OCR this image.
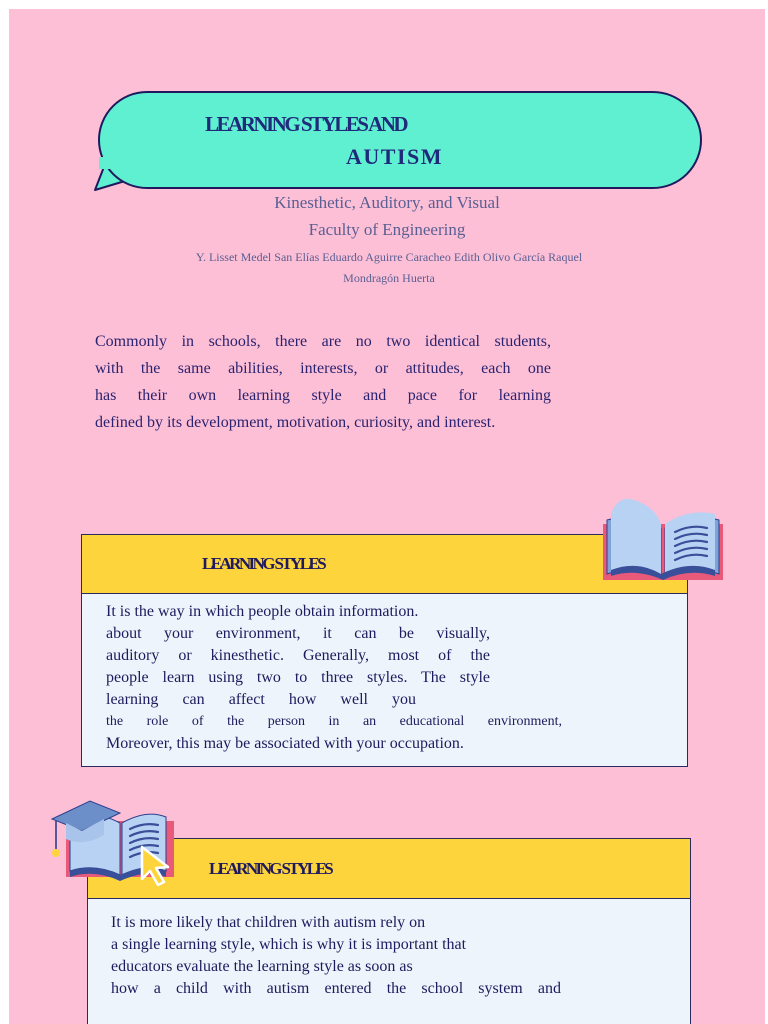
LEARNING STYLES AND
AUTISM
Kinesthetic, Auditory, and Visual
Faculty of Engineering
Y. Lisset Medel San Elías Eduardo Aguirre Caracheo Edith Olivo García Raquel
Mondragón Huerta
Commonly in schools, there are no two identical students,
with the same abilities, interests, or attitudes, each one
has their own learning style and pace for learning
defined by its development, motivation, curiosity, and interest.
LEARNING STYLES
It is the way in which people obtain information.
about your environment, it can be visually,
auditory or kinesthetic. Generally, most of the
people learn using two to three styles. The style
learning can affect how well you
the role of the person in an educational environment,
Moreover, this may be associated with your occupation.
LEARNING STYLES
It is more likely that children with autism rely on
a single learning style, which is why it is important that
educators evaluate the learning style as soon as
how a child with autism entered the school system and
